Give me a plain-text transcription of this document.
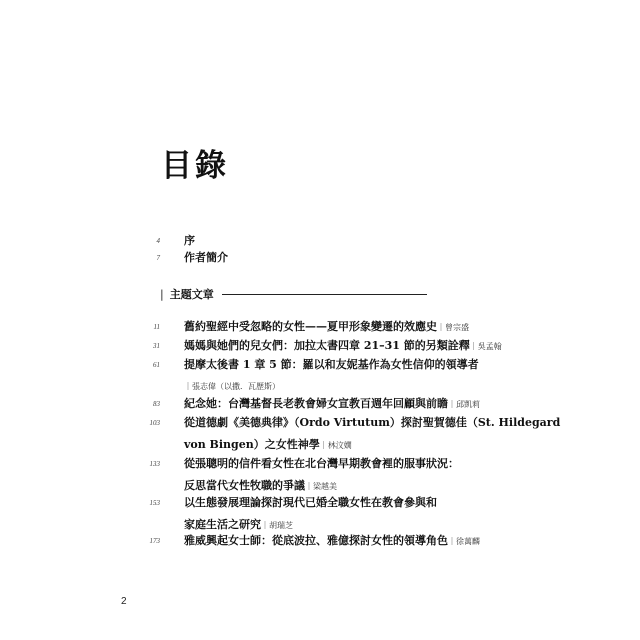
目錄
4 序
7 作者簡介
| 主題文章
11 舊約聖經中受忽略的女性——夏甲形象變遷的效應史 ｜ 曾宗盛
31 媽媽與她們的兒女們：加拉太書四章 21–31 節的另類詮釋 ｜ 吳孟翰
61 提摩太後書 1 章 5 節：羅以和友妮基作為女性信仰的領導者
｜ 張志偉（以撒．瓦歷斯）
83 紀念她：台灣基督長老教會婦女宣教百週年回顧與前瞻 ｜ 邱凱莉
103 從道德劇《美德典律》（Ordo Virtutum）探討聖賀德佳（St. Hildegard
von Bingen）之女性神學 ｜ 林汶嫺
133 從張聰明的信件看女性在北台灣早期教會裡的服事狀況：
反思當代女性牧職的爭議 ｜ 梁越美
153 以生態發展理論探討現代已婚全職女性在教會參與和
家庭生活之研究 ｜ 胡瑞芝
173 雅威興起女士師：從底波拉、雅億探討女性的領導角色 ｜ 徐萬麟
2
